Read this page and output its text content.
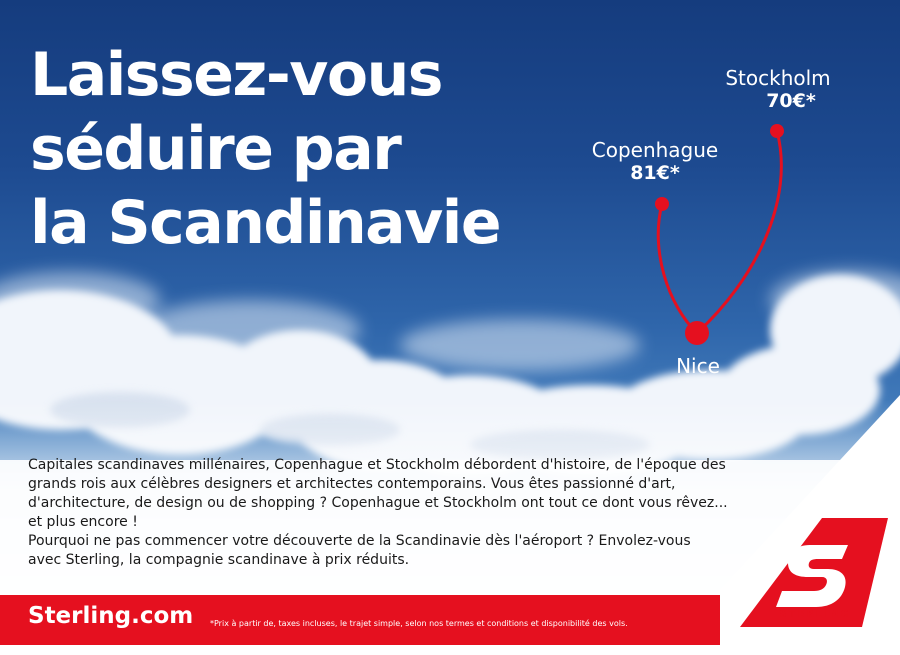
Laissez-vous
séduire par
la Scandinavie
Stockholm
70€*
Copenhague
81€*
Nice

Capitales scandinaves millénaires, Copenhague et Stockholm débordent d'histoire, de l'époque des grands rois aux célèbres designers et architectes contemporains. Vous êtes passionné d'art, d'architecture, de design ou de shopping ? Copenhague et Stockholm ont tout ce dont vous rêvez... et plus encore !

Pourquoi ne pas commencer votre découverte de la Scandinavie dès l'aéroport ? Envolez-vous avec Sterling, la compagnie scandinave à prix réduits.

Sterling.com *Prix à partir de, taxes incluses, le trajet simple, selon nos termes et conditions et disponibilité des vols.
STERLING
